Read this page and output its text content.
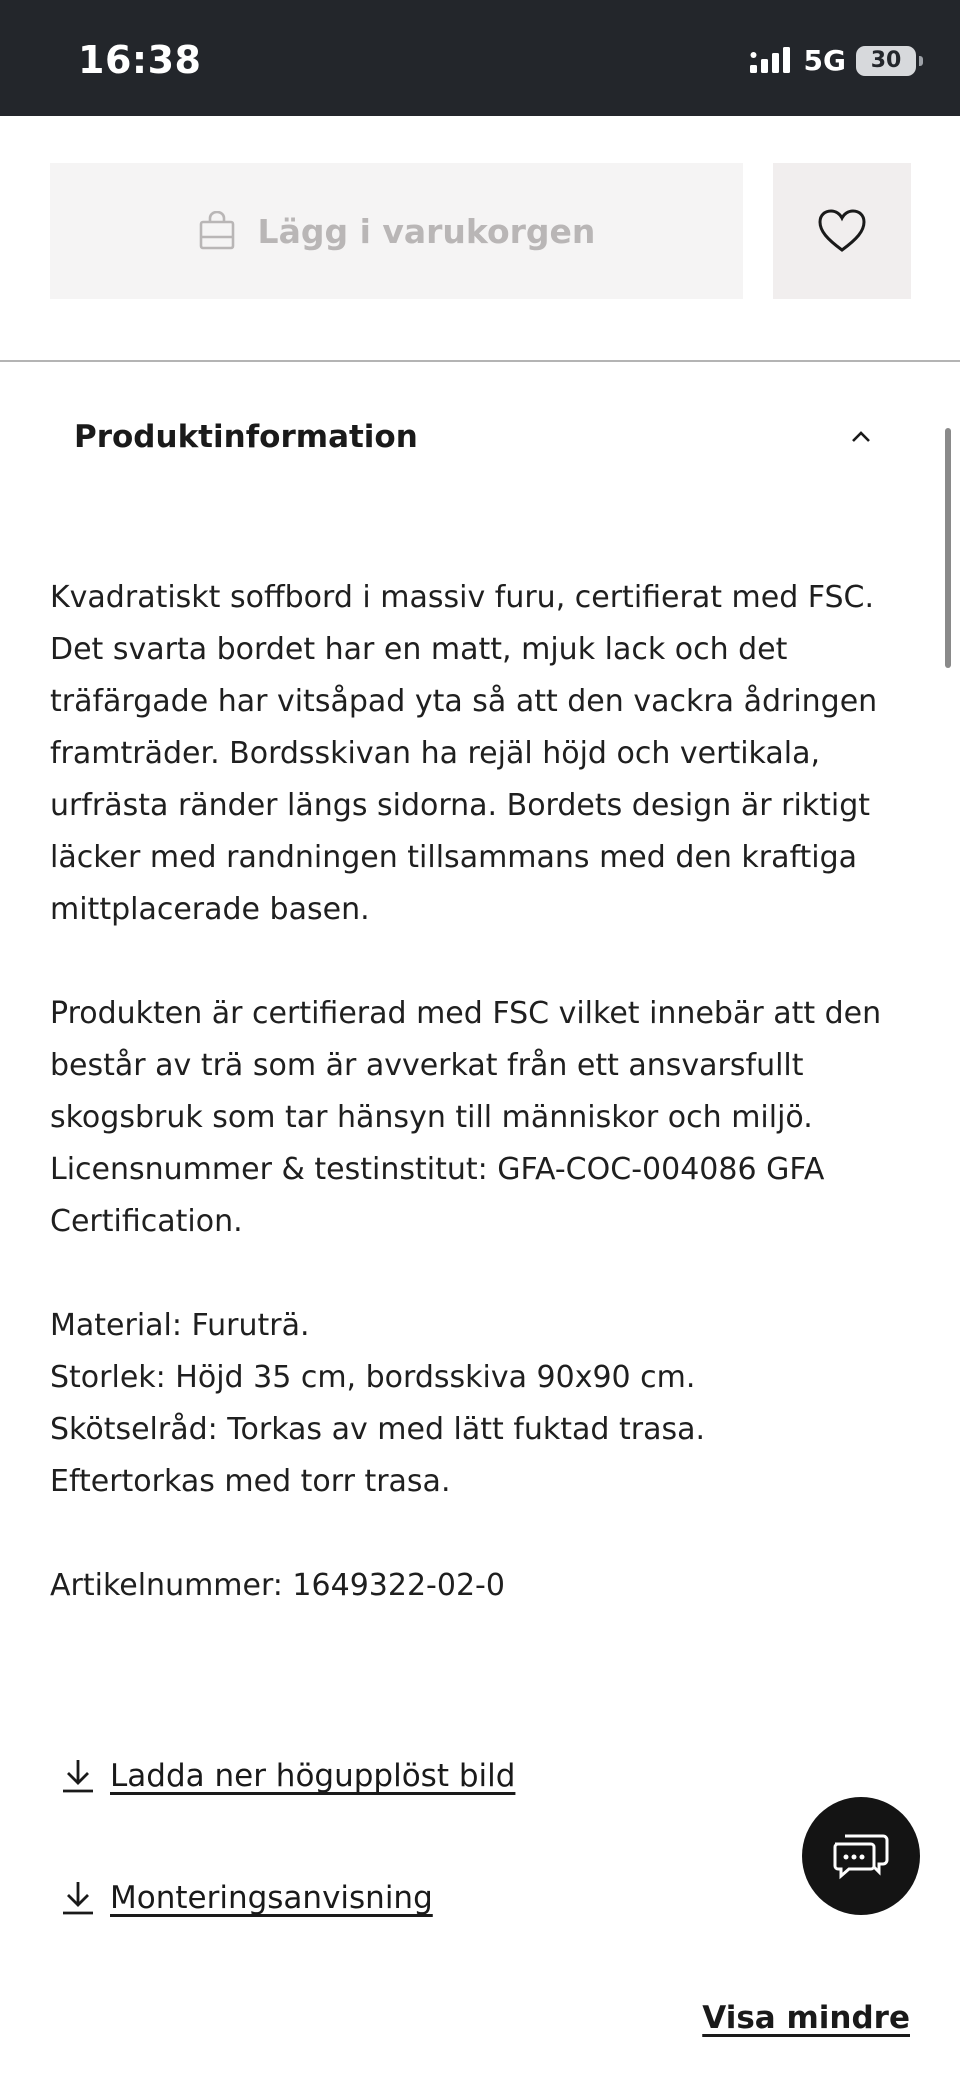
16:38	5G 30
Lägg i varukorgen
Produktinformation

Kvadratiskt soffbord i massiv furu, certifierat med FSC. Det svarta bordet har en matt, mjuk lack och det träfärgade har vitsåpad yta så att den vackra ådringen framträder. Bordsskivan ha rejäl höjd och vertikala, urfrästa ränder längs sidorna. Bordets design är riktigt läcker med randningen tillsammans med den kraftiga mittplacerade basen.

Produkten är certifierad med FSC vilket innebär att den består av trä som är avverkat från ett ansvarsfullt skogsbruk som tar hänsyn till människor och miljö.

Licensnummer & testinstitut: GFA-COC-004086 GFA Certification.

Material: Furuträ.

Storlek: Höjd 35 cm, bordsskiva 90x90 cm.

Skötselråd: Torkas av med lätt fuktad trasa.

Eftertorkas med torr trasa.

Artikelnummer: 1649322-02-0

Ladda ner högupplöst bild
Monteringsanvisning
Visa mindre
